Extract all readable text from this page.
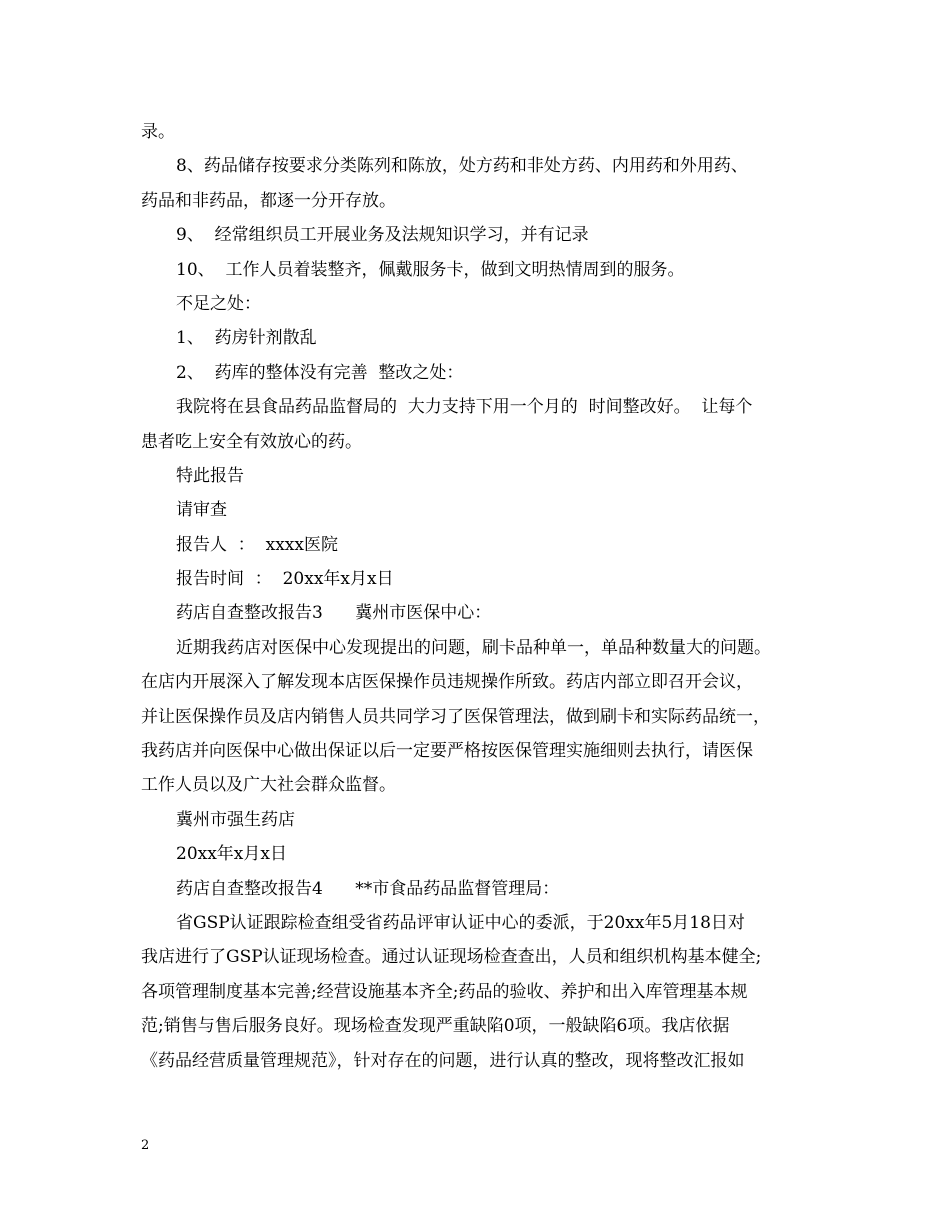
录。
8、药品储存按要求分类陈列和陈放，处方药和非处方药、内用药和外用药、
药品和非药品，都逐一分开存放。
9、  经常组织员工开展业务及法规知识学习，并有记录
10、  工作人员着装整齐，佩戴服务卡，做到文明热情周到的服务。
不足之处：
1、  药房针剂散乱
2、  药库的整体没有完善  整改之处：
我院将在县食品药品监督局的  大力支持下用一个月的  时间整改好。  让每个
患者吃上安全有效放心的药。
特此报告
请审查
报告人  ：  xxxx医院
报告时间  ：  20xx年x月x日
药店自查整改报告3      冀州市医保中心：
近期我药店对医保中心发现提出的问题，刷卡品种单一，单品种数量大的问题。
在店内开展深入了解发现本店医保操作员违规操作所致。药店内部立即召开会议，
并让医保操作员及店内销售人员共同学习了医保管理法，做到刷卡和实际药品统一，
我药店并向医保中心做出保证以后一定要严格按医保管理实施细则去执行，请医保
工作人员以及广大社会群众监督。
冀州市强生药店
20xx年x月x日
药店自查整改报告4      **市食品药品监督管理局：
省GSP认证跟踪检查组受省药品评审认证中心的委派，于20xx年5月18日对
我店进行了GSP认证现场检查。通过认证现场检查查出，人员和组织机构基本健全;
各项管理制度基本完善;经营设施基本齐全;药品的验收、养护和出入库管理基本规
范;销售与售后服务良好。现场检查发现严重缺陷0项，一般缺陷6项。我店依据
《药品经营质量管理规范》，针对存在的问题，进行认真的整改，现将整改汇报如
2
